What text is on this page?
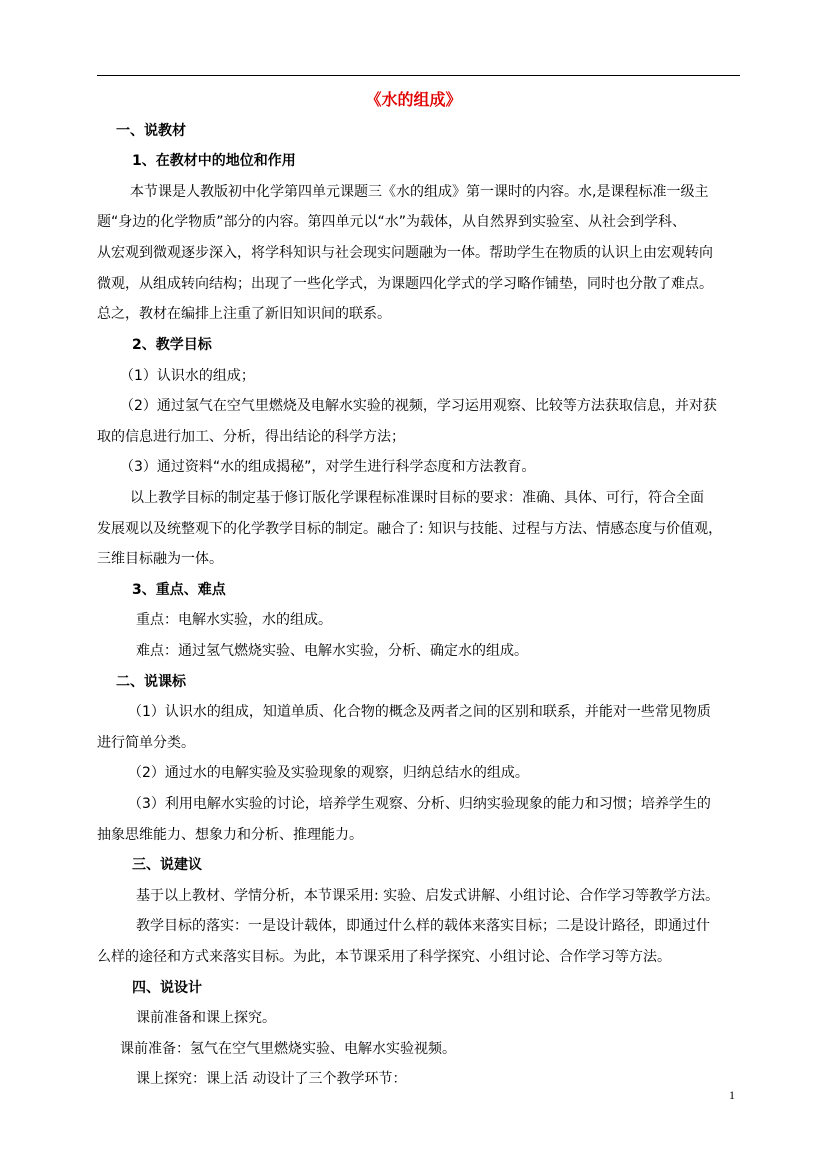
《水的组成》
一、说教材
1、在教材中的地位和作用
本节课是人教版初中化学第四单元课题三《水的组成》第一课时的内容。水,是课程标准一级主
题“身边的化学物质”部分的内容。第四单元以“水”为载体，从自然界到实验室、从社会到学科、
从宏观到微观逐步深入，将学科知识与社会现实问题融为一体。帮助学生在物质的认识上由宏观转向
微观，从组成转向结构；出现了一些化学式，为课题四化学式的学习略作铺垫，同时也分散了难点。
总之，教材在编排上注重了新旧知识间的联系。
2、教学目标
（1）认识水的组成；
（2）通过氢气在空气里燃烧及电解水实验的视频，学习运用观察、比较等方法获取信息，并对获
取的信息进行加工、分析，得出结论的科学方法；
（3）通过资料“水的组成揭秘”，对学生进行科学态度和方法教育。
以上教学目标的制定基于修订版化学课程标准课时目标的要求：准确、具体、可行，符合全面
发展观以及统整观下的化学教学目标的制定。融合了: 知识与技能、过程与方法、情感态度与价值观，
三维目标融为一体。
3、重点、难点
重点：电解水实验，水的组成。
难点：通过氢气燃烧实验、电解水实验，分析、确定水的组成。
二、说课标
（1）认识水的组成，知道单质、化合物的概念及两者之间的区别和联系，并能对一些常见物质
进行简单分类。
（2）通过水的电解实验及实验现象的观察，归纳总结水的组成。
（3）利用电解水实验的讨论，培养学生观察、分析、归纳实验现象的能力和习惯；培养学生的
抽象思维能力、想象力和分析、推理能力。
三、说建议
基于以上教材、学情分析，本节课采用: 实验、启发式讲解、小组讨论、合作学习等教学方法。
教学目标的落实：一是设计载体，即通过什么样的载体来落实目标；二是设计路径，即通过什
么样的途径和方式来落实目标。为此，本节课采用了科学探究、小组讨论、合作学习等方法。
四、说设计
课前准备和课上探究。
课前准备：氢气在空气里燃烧实验、电解水实验视频。
课上探究：课上活 动设计了三个教学环节：
1
